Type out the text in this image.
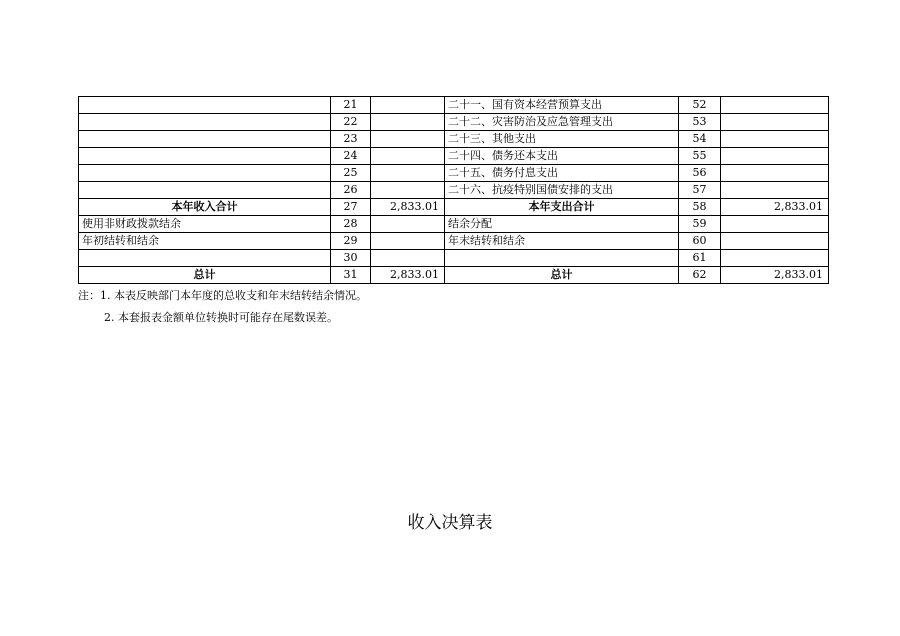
	21		二十一、国有资本经营预算支出	52	
	22		二十二、灾害防治及应急管理支出	53	
	23		二十三、其他支出	54	
	24		二十四、债务还本支出	55	
	25		二十五、债务付息支出	56	
	26		二十六、抗疫特别国债安排的支出	57	
本年收入合计	27	2,833.01	本年支出合计	58	2,833.01
使用非财政拨款结余	28		结余分配	59	
年初结转和结余	29		年末结转和结余	60	
	30			61	
总计	31	2,833.01	总计	62	2,833.01
注：1. 本表反映部门本年度的总收支和年末结转结余情况。
2. 本套报表金额单位转换时可能存在尾数误差。
收入决算表
